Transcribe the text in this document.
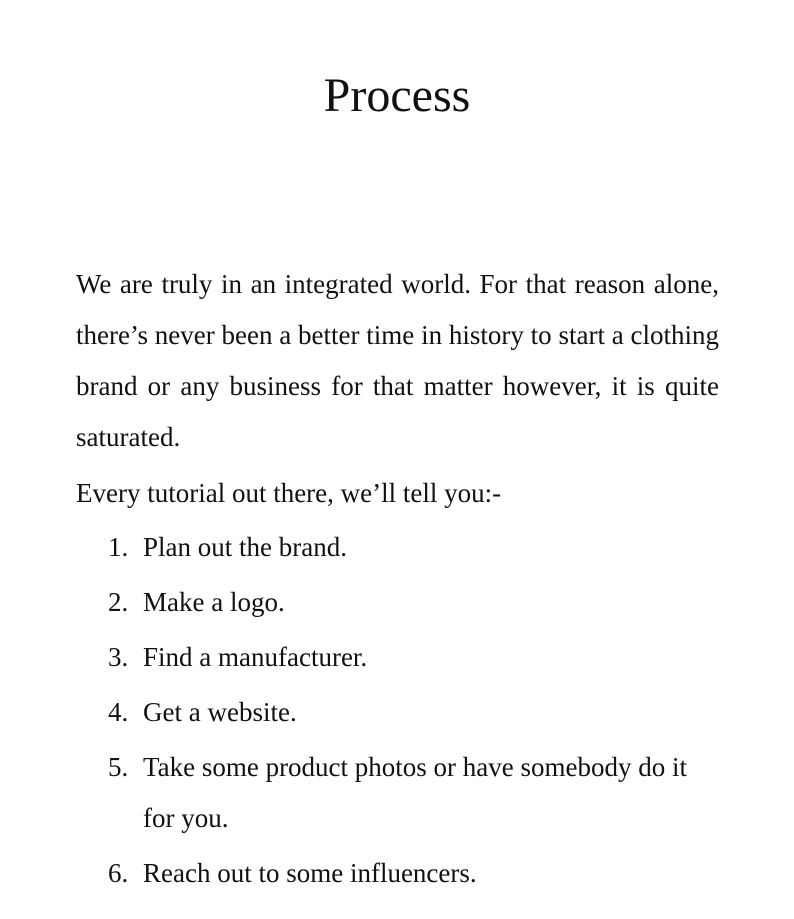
Process

We are truly in an integrated world. For that reason alone, there’s never been a better time in history to start a clothing brand or any business for that matter however, it is quite saturated.

Every tutorial out there, we’ll tell you:-

1. Plan out the brand.
2. Make a logo.
3. Find a manufacturer.
4. Get a website.
5. Take some product photos or have somebody do it for you.
6. Reach out to some influencers.
